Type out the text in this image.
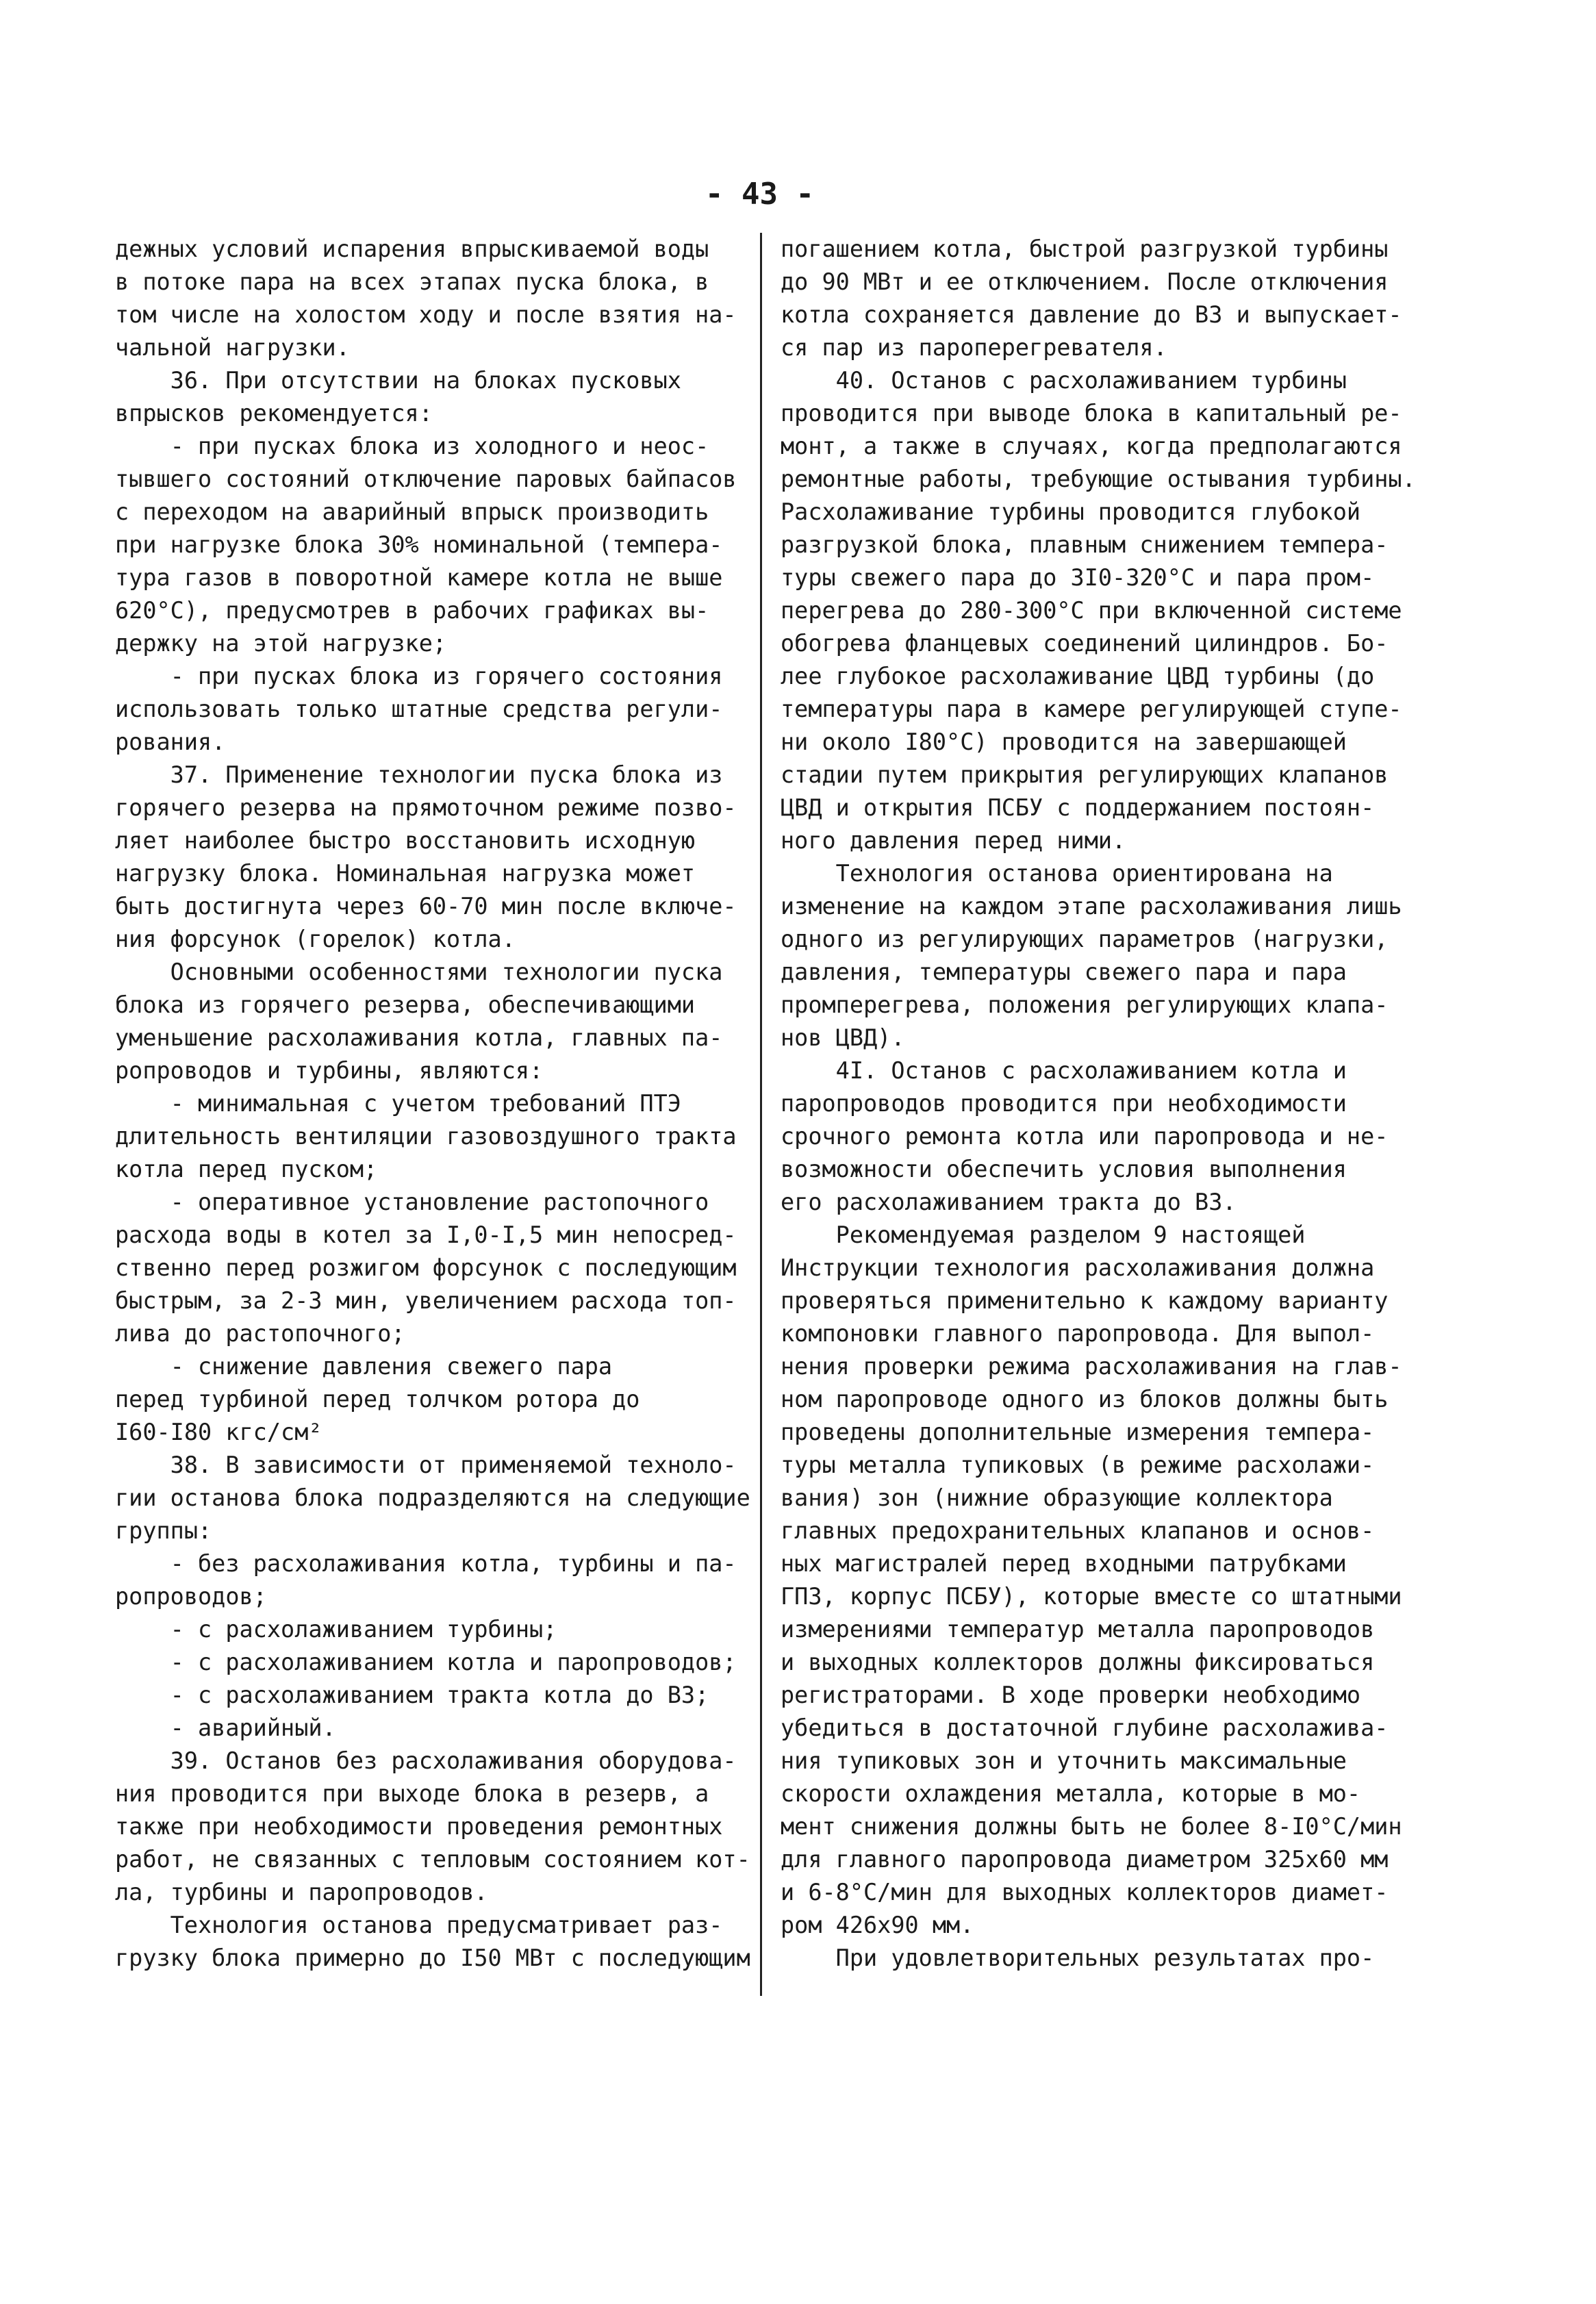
- 43 -
дежных условий испарения впрыскиваемой воды
в потоке пара на всех этапах пуска блока, в
том числе на холостом ходу и после взятия на-
чальной нагрузки.
36. При отсутствии на блоках пусковых
впрысков рекомендуется:
- при пусках блока из холодного и неос-
тывшего состояний отключение паровых байпасов
с переходом на аварийный впрыск производить
при нагрузке блока 30% номинальной (темпера-
тура газов в поворотной камере котла не выше
620°С), предусмотрев в рабочих графиках вы-
держку на этой нагрузке;
- при пусках блока из горячего состояния
использовать только штатные средства регули-
рования.
37. Применение технологии пуска блока из
горячего резерва на прямоточном режиме позво-
ляет наиболее быстро восстановить исходную
нагрузку блока. Номинальная нагрузка может
быть достигнута через 60-70 мин после включе-
ния форсунок (горелок) котла.
Основными особенностями технологии пуска
блока из горячего резерва, обеспечивающими
уменьшение расхолаживания котла, главных па-
ропроводов и турбины, являются:
- минимальная с учетом требований ПТЭ
длительность вентиляции газовоздушного тракта
котла перед пуском;
- оперативное установление растопочного
расхода воды в котел за I,0-I,5 мин непосред-
ственно перед розжигом форсунок с последующим
быстрым, за 2-3 мин, увеличением расхода топ-
лива до растопочного;
- снижение давления свежего пара
перед турбиной перед толчком ротора до
I60-I80 кгс/см²
38. В зависимости от применяемой техноло-
гии останова блока подразделяются на следующие
группы:
- без расхолаживания котла, турбины и па-
ропроводов;
- с расхолаживанием турбины;
- с расхолаживанием котла и паропроводов;
- с расхолаживанием тракта котла до ВЗ;
- аварийный.
39. Останов без расхолаживания оборудова-
ния проводится при выходе блока в резерв, а
также при необходимости проведения ремонтных
работ, не связанных с тепловым состоянием кот-
ла, турбины и паропроводов.
Технология останова предусматривает раз-
грузку блока примерно до I50 МВт с последующим
погашением котла, быстрой разгрузкой турбины
до 90 МВт и ее отключением. После отключения
котла сохраняется давление до ВЗ и выпускает-
ся пар из пароперегревателя.
40. Останов с расхолаживанием турбины
проводится при выводе блока в капитальный ре-
монт, а также в случаях, когда предполагаются
ремонтные работы, требующие остывания турбины.
Расхолаживание турбины проводится глубокой
разгрузкой блока, плавным снижением темпера-
туры свежего пара до 3I0-320°С и пара пром-
перегрева до 280-300°С при включенной системе
обогрева фланцевых соединений цилиндров. Бо-
лее глубокое расхолаживание ЦВД турбины (до
температуры пара в камере регулирующей ступе-
ни около I80°С) проводится на завершающей
стадии путем прикрытия регулирующих клапанов
ЦВД и открытия ПСБУ с поддержанием постоян-
ного давления перед ними.
Технология останова ориентирована на
изменение на каждом этапе расхолаживания лишь
одного из регулирующих параметров (нагрузки,
давления, температуры свежего пара и пара
промперегрева, положения регулирующих клапа-
нов ЦВД).
4I. Останов с расхолаживанием котла и
паропроводов проводится при необходимости
срочного ремонта котла или паропровода и не-
возможности обеспечить условия выполнения
его расхолаживанием тракта до ВЗ.
Рекомендуемая разделом 9 настоящей
Инструкции технология расхолаживания должна
проверяться применительно к каждому варианту
компоновки главного паропровода. Для выпол-
нения проверки режима расхолаживания на глав-
ном паропроводе одного из блоков должны быть
проведены дополнительные измерения темпера-
туры металла тупиковых (в режиме расхолажи-
вания) зон (нижние образующие коллектора
главных предохранительных клапанов и основ-
ных магистралей перед входными патрубками
ГПЗ, корпус ПСБУ), которые вместе со штатными
измерениями температур металла паропроводов
и выходных коллекторов должны фиксироваться
регистраторами. В ходе проверки необходимо
убедиться в достаточной глубине расхолажива-
ния тупиковых зон и уточнить максимальные
скорости охлаждения металла, которые в мо-
мент снижения должны быть не более 8-I0°С/мин
для главного паропровода диаметром 325х60 мм
и 6-8°С/мин для выходных коллекторов диамет-
ром 426х90 мм.
При удовлетворительных результатах про-
